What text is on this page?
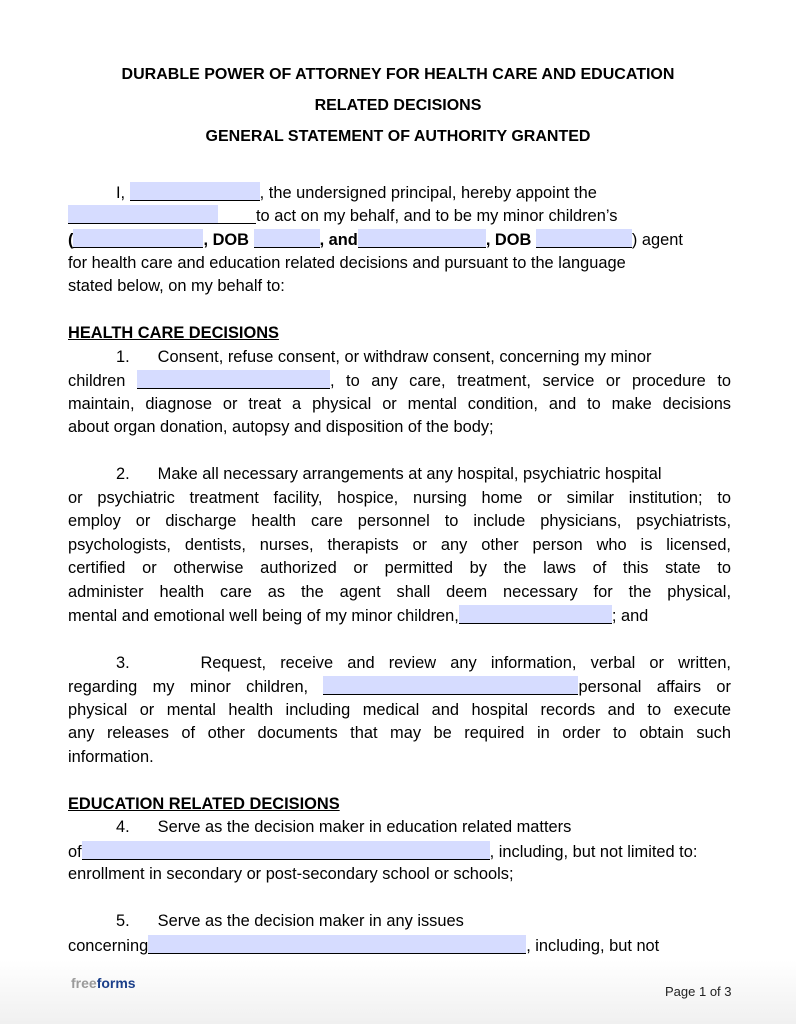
DURABLE POWER OF ATTORNEY FOR HEALTH CARE AND EDUCATION
RELATED DECISIONS
GENERAL STATEMENT OF AUTHORITY GRANTED
I,	, the undersigned principal, hereby appoint the
to act on my behalf, and to be my minor children’s
(	, DOB	, and	, DOB	) agent
for health care and education related decisions and pursuant to the language
stated below, on my behalf to:
HEALTH CARE DECISIONS
1. Consent, refuse consent, or withdraw consent, concerning my minor
children	, to any care, treatment, service or procedure to
maintain, diagnose or treat a physical or mental condition, and to make decisions
about organ donation, autopsy and disposition of the body;
2. Make all necessary arrangements at any hospital, psychiatric hospital
or psychiatric treatment facility, hospice, nursing home or similar institution; to
employ or discharge health care personnel to include physicians, psychiatrists,
psychologists, dentists, nurses, therapists or any other person who is licensed,
certified or otherwise authorized or permitted by the laws of this state to
administer health care as the agent shall deem necessary for the physical,
mental and emotional well being of my minor children,	; and
3.	Request, receive and review any information, verbal or written,
regarding my minor children,	personal affairs or
physical or mental health including medical and hospital records and to execute
any releases of other documents that may be required in order to obtain such
information.
EDUCATION RELATED DECISIONS
4. Serve as the decision maker in education related matters
of	, including, but not limited to:
enrollment in secondary or post-secondary school or schools;
5. Serve as the decision maker in any issues
concerning	, including, but not
freeforms
Page 1 of 3
